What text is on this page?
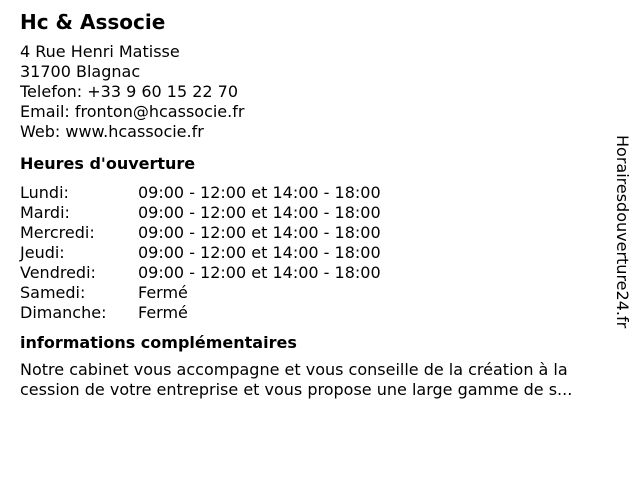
Hc & Associe
4 Rue Henri Matisse
31700 Blagnac
Telefon: +33 9 60 15 22 70
Email: fronton@hcassocie.fr
Web: www.hcassocie.fr
Heures d'ouverture
Lundi:	09:00 - 12:00 et 14:00 - 18:00
Mardi:	09:00 - 12:00 et 14:00 - 18:00
Mercredi:	09:00 - 12:00 et 14:00 - 18:00
Jeudi:	09:00 - 12:00 et 14:00 - 18:00
Vendredi:	09:00 - 12:00 et 14:00 - 18:00
Samedi:	Fermé
Dimanche:	Fermé
informations complémentaires
Notre cabinet vous accompagne et vous conseille de la création à la cession de votre entreprise et vous propose une large gamme de s...
Horairesdouverture24.fr
